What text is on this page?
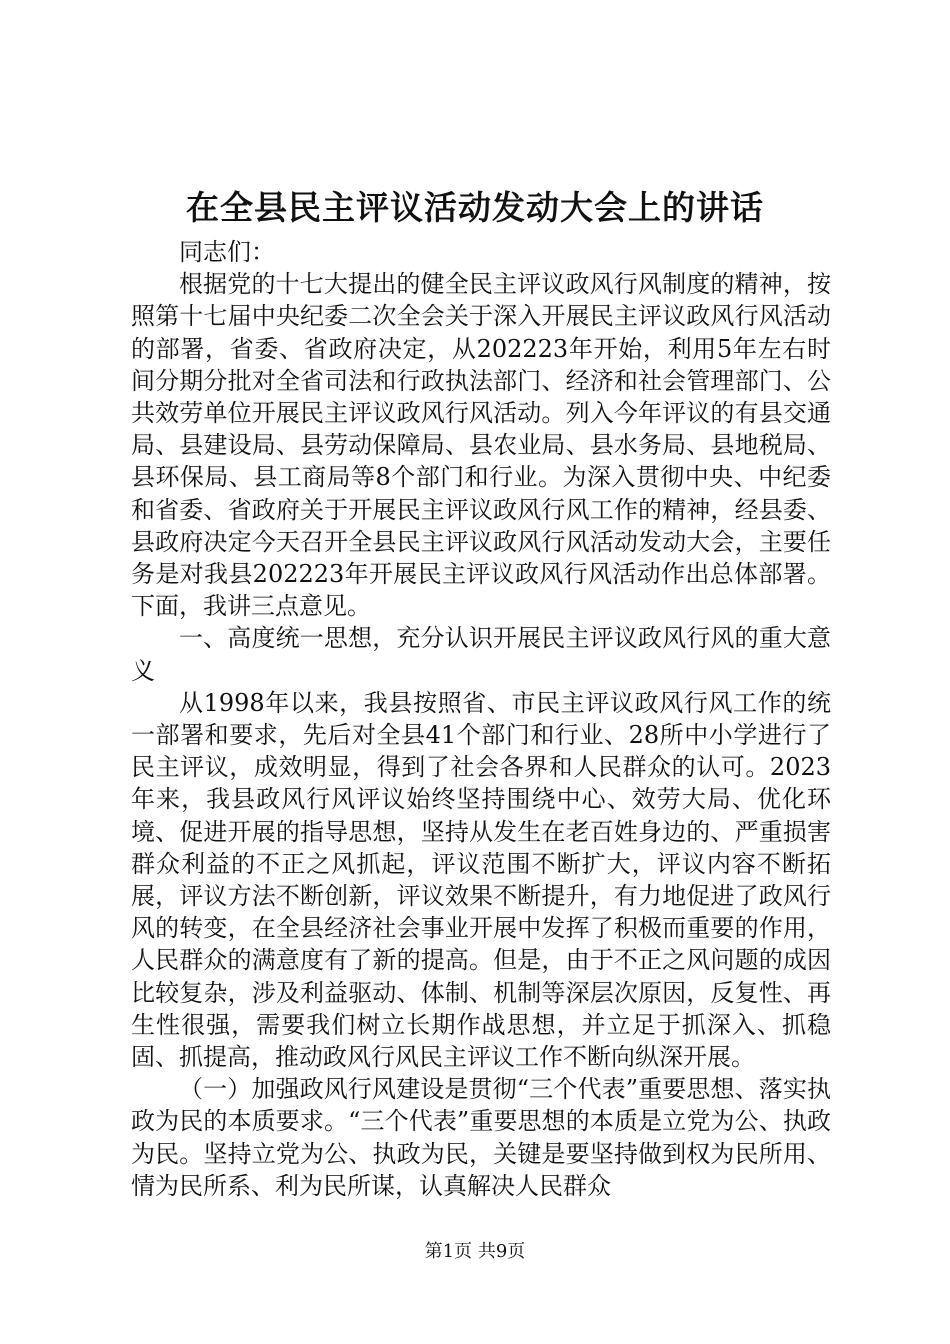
在全县民主评议活动发动大会上的讲话

同志们：

根据党的十七大提出的健全民主评议政风行风制度的精神，按照第十七届中央纪委二次全会关于深入开展民主评议政风行风活动的部署，省委、省政府决定，从202223年开始，利用5年左右时间分期分批对全省司法和行政执法部门、经济和社会管理部门、公共效劳单位开展民主评议政风行风活动。列入今年评议的有县交通局、县建设局、县劳动保障局、县农业局、县水务局、县地税局、县环保局、县工商局等8个部门和行业。为深入贯彻中央、中纪委和省委、省政府关于开展民主评议政风行风工作的精神，经县委、县政府决定今天召开全县民主评议政风行风活动发动大会，主要任务是对我县202223年开展民主评议政风行风活动作出总体部署。下面，我讲三点意见。

一、高度统一思想，充分认识开展民主评议政风行风的重大意义

从1998年以来，我县按照省、市民主评议政风行风工作的统一部署和要求，先后对全县41个部门和行业、28所中小学进行了民主评议，成效明显，得到了社会各界和人民群众的认可。2023年来，我县政风行风评议始终坚持围绕中心、效劳大局、优化环境、促进开展的指导思想，坚持从发生在老百姓身边的、严重损害群众利益的不正之风抓起，评议范围不断扩大，评议内容不断拓展，评议方法不断创新，评议效果不断提升，有力地促进了政风行风的转变，在全县经济社会事业开展中发挥了积极而重要的作用，人民群众的满意度有了新的提高。但是，由于不正之风问题的成因比较复杂，涉及利益驱动、体制、机制等深层次原因，反复性、再生性很强，需要我们树立长期作战思想，并立足于抓深入、抓稳固、抓提高，推动政风行风民主评议工作不断向纵深开展。

（一）加强政风行风建设是贯彻“三个代表”重要思想、落实执政为民的本质要求。“三个代表”重要思想的本质是立党为公、执政为民。坚持立党为公、执政为民，关键是要坚持做到权为民所用、情为民所系、利为民所谋，认真解决人民群众

第1页 共9页
